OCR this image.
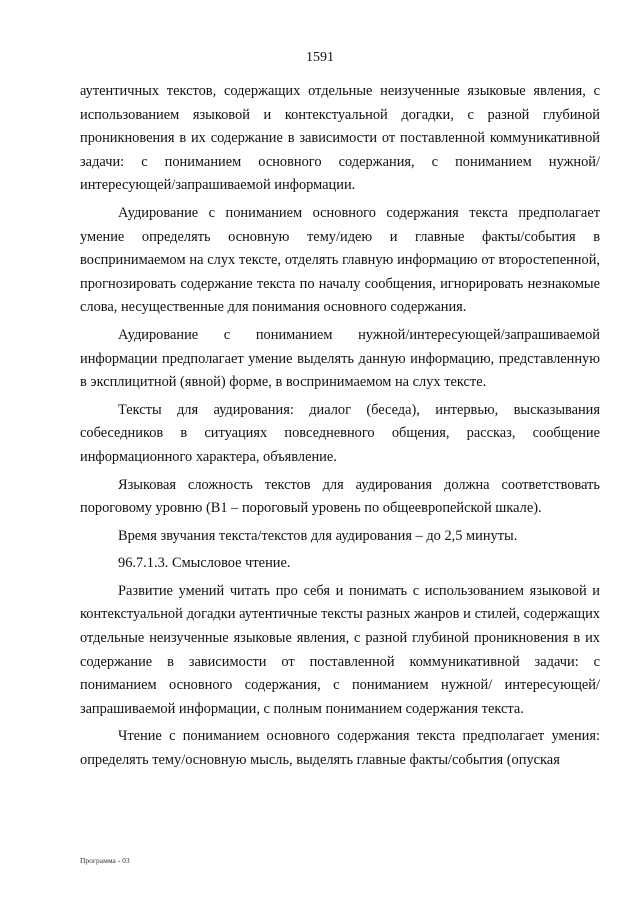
1591

аутентичных текстов, содержащих отдельные неизученные языковые явления, с использованием языковой и контекстуальной догадки, с разной глубиной проникновения в их содержание в зависимости от поставленной коммуникативной задачи: с пониманием основного содержания, с пониманием нужной/интересующей/запрашиваемой информации.

Аудирование с пониманием основного содержания текста предполагает умение определять основную тему/идею и главные факты/события в воспринимаемом на слух тексте, отделять главную информацию от второстепенной, прогнозировать содержание текста по началу сообщения, игнорировать незнакомые слова, несущественные для понимания основного содержания.

Аудирование с пониманием нужной/интересующей/запрашиваемой информации предполагает умение выделять данную информацию, представленную в эксплицитной (явной) форме, в воспринимаемом на слух тексте.

Тексты для аудирования: диалог (беседа), интервью, высказывания собеседников в ситуациях повседневного общения, рассказ, сообщение информационного характера, объявление.

Языковая сложность текстов для аудирования должна соответствовать пороговому уровню (В1 – пороговый уровень по общеевропейской шкале).

Время звучания текста/текстов для аудирования – до 2,5 минуты.

96.7.1.3. Смысловое чтение.

Развитие умений читать про себя и понимать с использованием языковой и контекстуальной догадки аутентичные тексты разных жанров и стилей, содержащих отдельные неизученные языковые явления, с разной глубиной проникновения в их содержание в зависимости от поставленной коммуникативной задачи: с пониманием основного содержания, с пониманием нужной/ интересующей/запрашиваемой информации, с полным пониманием содержания текста.

Чтение с пониманием основного содержания текста предполагает умения: определять тему/основную мысль, выделять главные факты/события (опуская

Программа - 03
